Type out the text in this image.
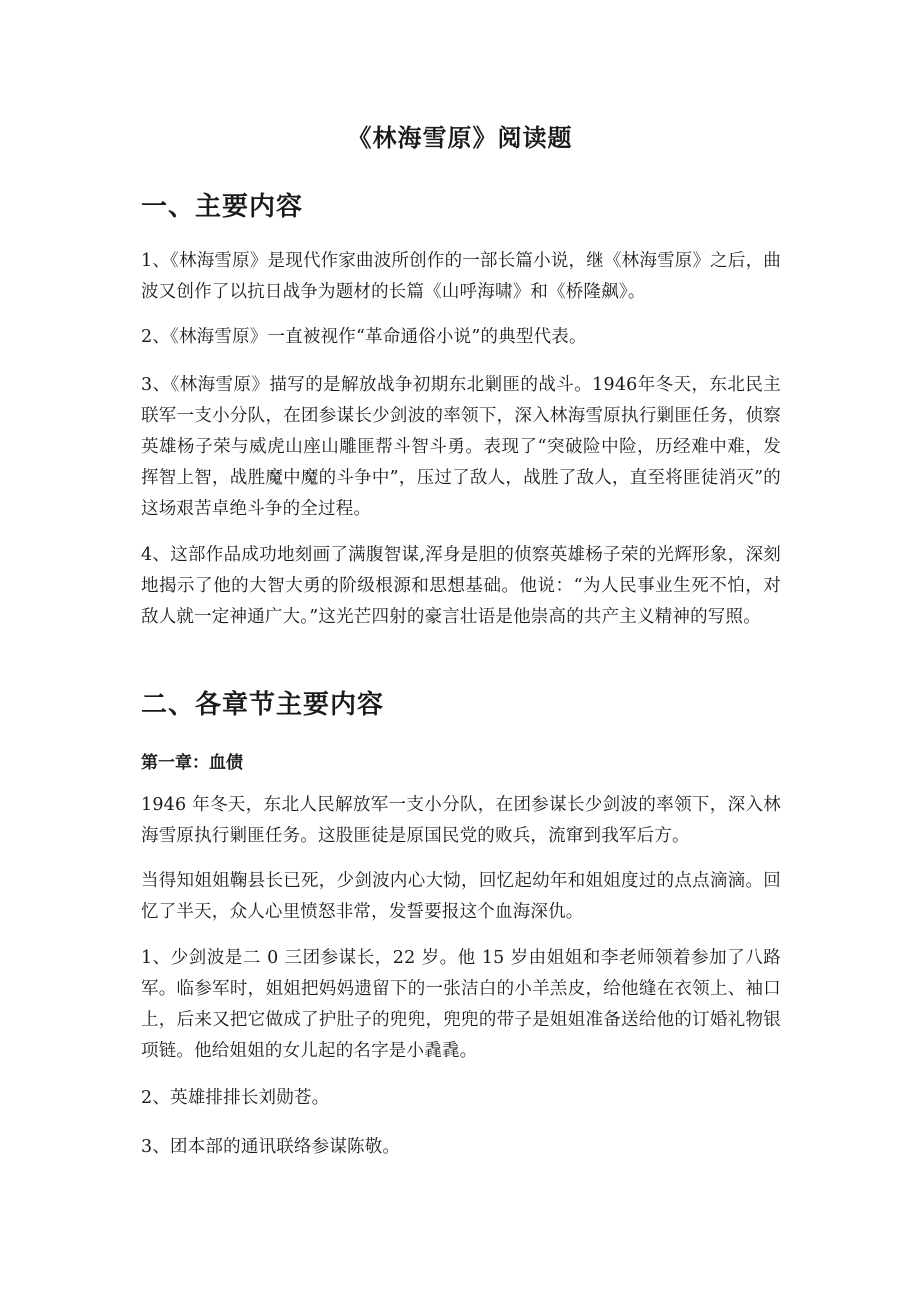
《林海雪原》阅读题
一、主要内容
1、《林海雪原》是现代作家曲波所创作的一部长篇小说，继《林海雪原》之后，曲波又创作了以抗日战争为题材的长篇《山呼海啸》和《桥隆飙》。
2、《林海雪原》一直被视作“革命通俗小说”的典型代表。
3、《林海雪原》描写的是解放战争初期东北剿匪的战斗。1946年冬天，东北民主联军一支小分队，在团参谋长少剑波的率领下，深入林海雪原执行剿匪任务，侦察英雄杨子荣与威虎山座山雕匪帮斗智斗勇。表现了“突破险中险，历经难中难，发挥智上智，战胜魔中魔的斗争中”，压过了敌人，战胜了敌人，直至将匪徒消灭”的这场艰苦卓绝斗争的全过程。
4、这部作品成功地刻画了满腹智谋,浑身是胆的侦察英雄杨子荣的光辉形象，深刻地揭示了他的大智大勇的阶级根源和思想基础。他说：“为人民事业生死不怕，对敌人就一定神通广大。”这光芒四射的豪言壮语是他崇高的共产主义精神的写照。
二、各章节主要内容
第一章：血债
1946 年冬天，东北人民解放军一支小分队，在团参谋长少剑波的率领下，深入林海雪原执行剿匪任务。这股匪徒是原国民党的败兵，流窜到我军后方。
当得知姐姐鞠县长已死，少剑波内心大恸，回忆起幼年和姐姐度过的点点滴滴。回忆了半天，众人心里愤怒非常，发誓要报这个血海深仇。
1、少剑波是二 0 三团参谋长，22 岁。他 15 岁由姐姐和李老师领着参加了八路军。临参军时，姐姐把妈妈遗留下的一张洁白的小羊羔皮，给他缝在衣领上、袖口上，后来又把它做成了护肚子的兜兜，兜兜的带子是姐姐准备送给他的订婚礼物银项链。他给姐姐的女儿起的名字是小毳毳。
2、英雄排排长刘勋苍。
3、团本部的通讯联络参谋陈敬。
